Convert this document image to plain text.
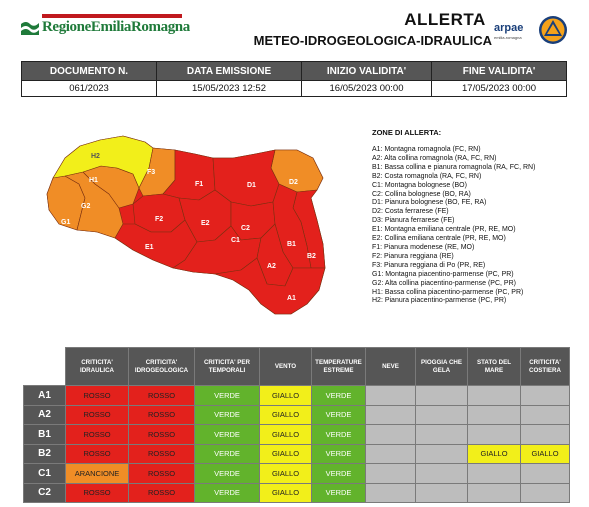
RegioneEmiliaRomagna	ALLERTA
METEO-IDROGEOLOGICA-IDRAULICA
arpae
emilia-romagna
DOCUMENTO N.	DATA EMISSIONE	INIZIO VALIDITA'	FINE VALIDITA'
061/2023	15/05/2023 12:52	16/05/2023 00:00	17/05/2023 00:00
H2
H1
G2
G1
F3
F2
F1
E2
E1
C2
C1
D1	D2
B2
B1
A2
A1
ZONE DI ALLERTA:
A1: Montagna romagnola (FC, RN)
A2: Alta collina romagnola (RA, FC, RN)
B1: Bassa collina e pianura romagnola (RA, FC, RN)
B2: Costa romagnola (RA, FC, RN)
C1: Montagna bolognese (BO)
C2: Collina bolognese (BO, RA)
D1: Pianura bolognese (BO, FE, RA)
D2: Costa ferrarese (FE)
D3: Pianura ferrarese (FE)
E1: Montagna emiliana centrale (PR, RE, MO)
E2: Collina emiliana centrale (PR, RE, MO)
F1: Pianura modenese (RE, MO)
F2: Pianura reggiana (RE)
F3: Pianura reggiana di Po (PR, RE)
G1: Montagna piacentino-parmense (PC, PR)
G2: Alta collina piacentino-parmense (PC, PR)
H1: Bassa collina piacentino-parmense (PC, PR)
H2: Pianura piacentino-parmense (PC, PR)
	CRITICITA' IDRAULICA	CRITICITA' IDROGEOLOGICA	CRITICITA' PER TEMPORALI	VENTO	TEMPERATURE ESTREME	NEVE	PIOGGIA CHE GELA	STATO DEL MARE	CRITICITA' COSTIERA
A1	ROSSO	ROSSO	VERDE	GIALLO	VERDE				
A2	ROSSO	ROSSO	VERDE	GIALLO	VERDE				
B1	ROSSO	ROSSO	VERDE	GIALLO	VERDE				
B2	ROSSO	ROSSO	VERDE	GIALLO	VERDE			GIALLO	GIALLO
C1	ARANCIONE	ROSSO	VERDE	GIALLO	VERDE				
C2	ROSSO	ROSSO	VERDE	GIALLO	VERDE				
